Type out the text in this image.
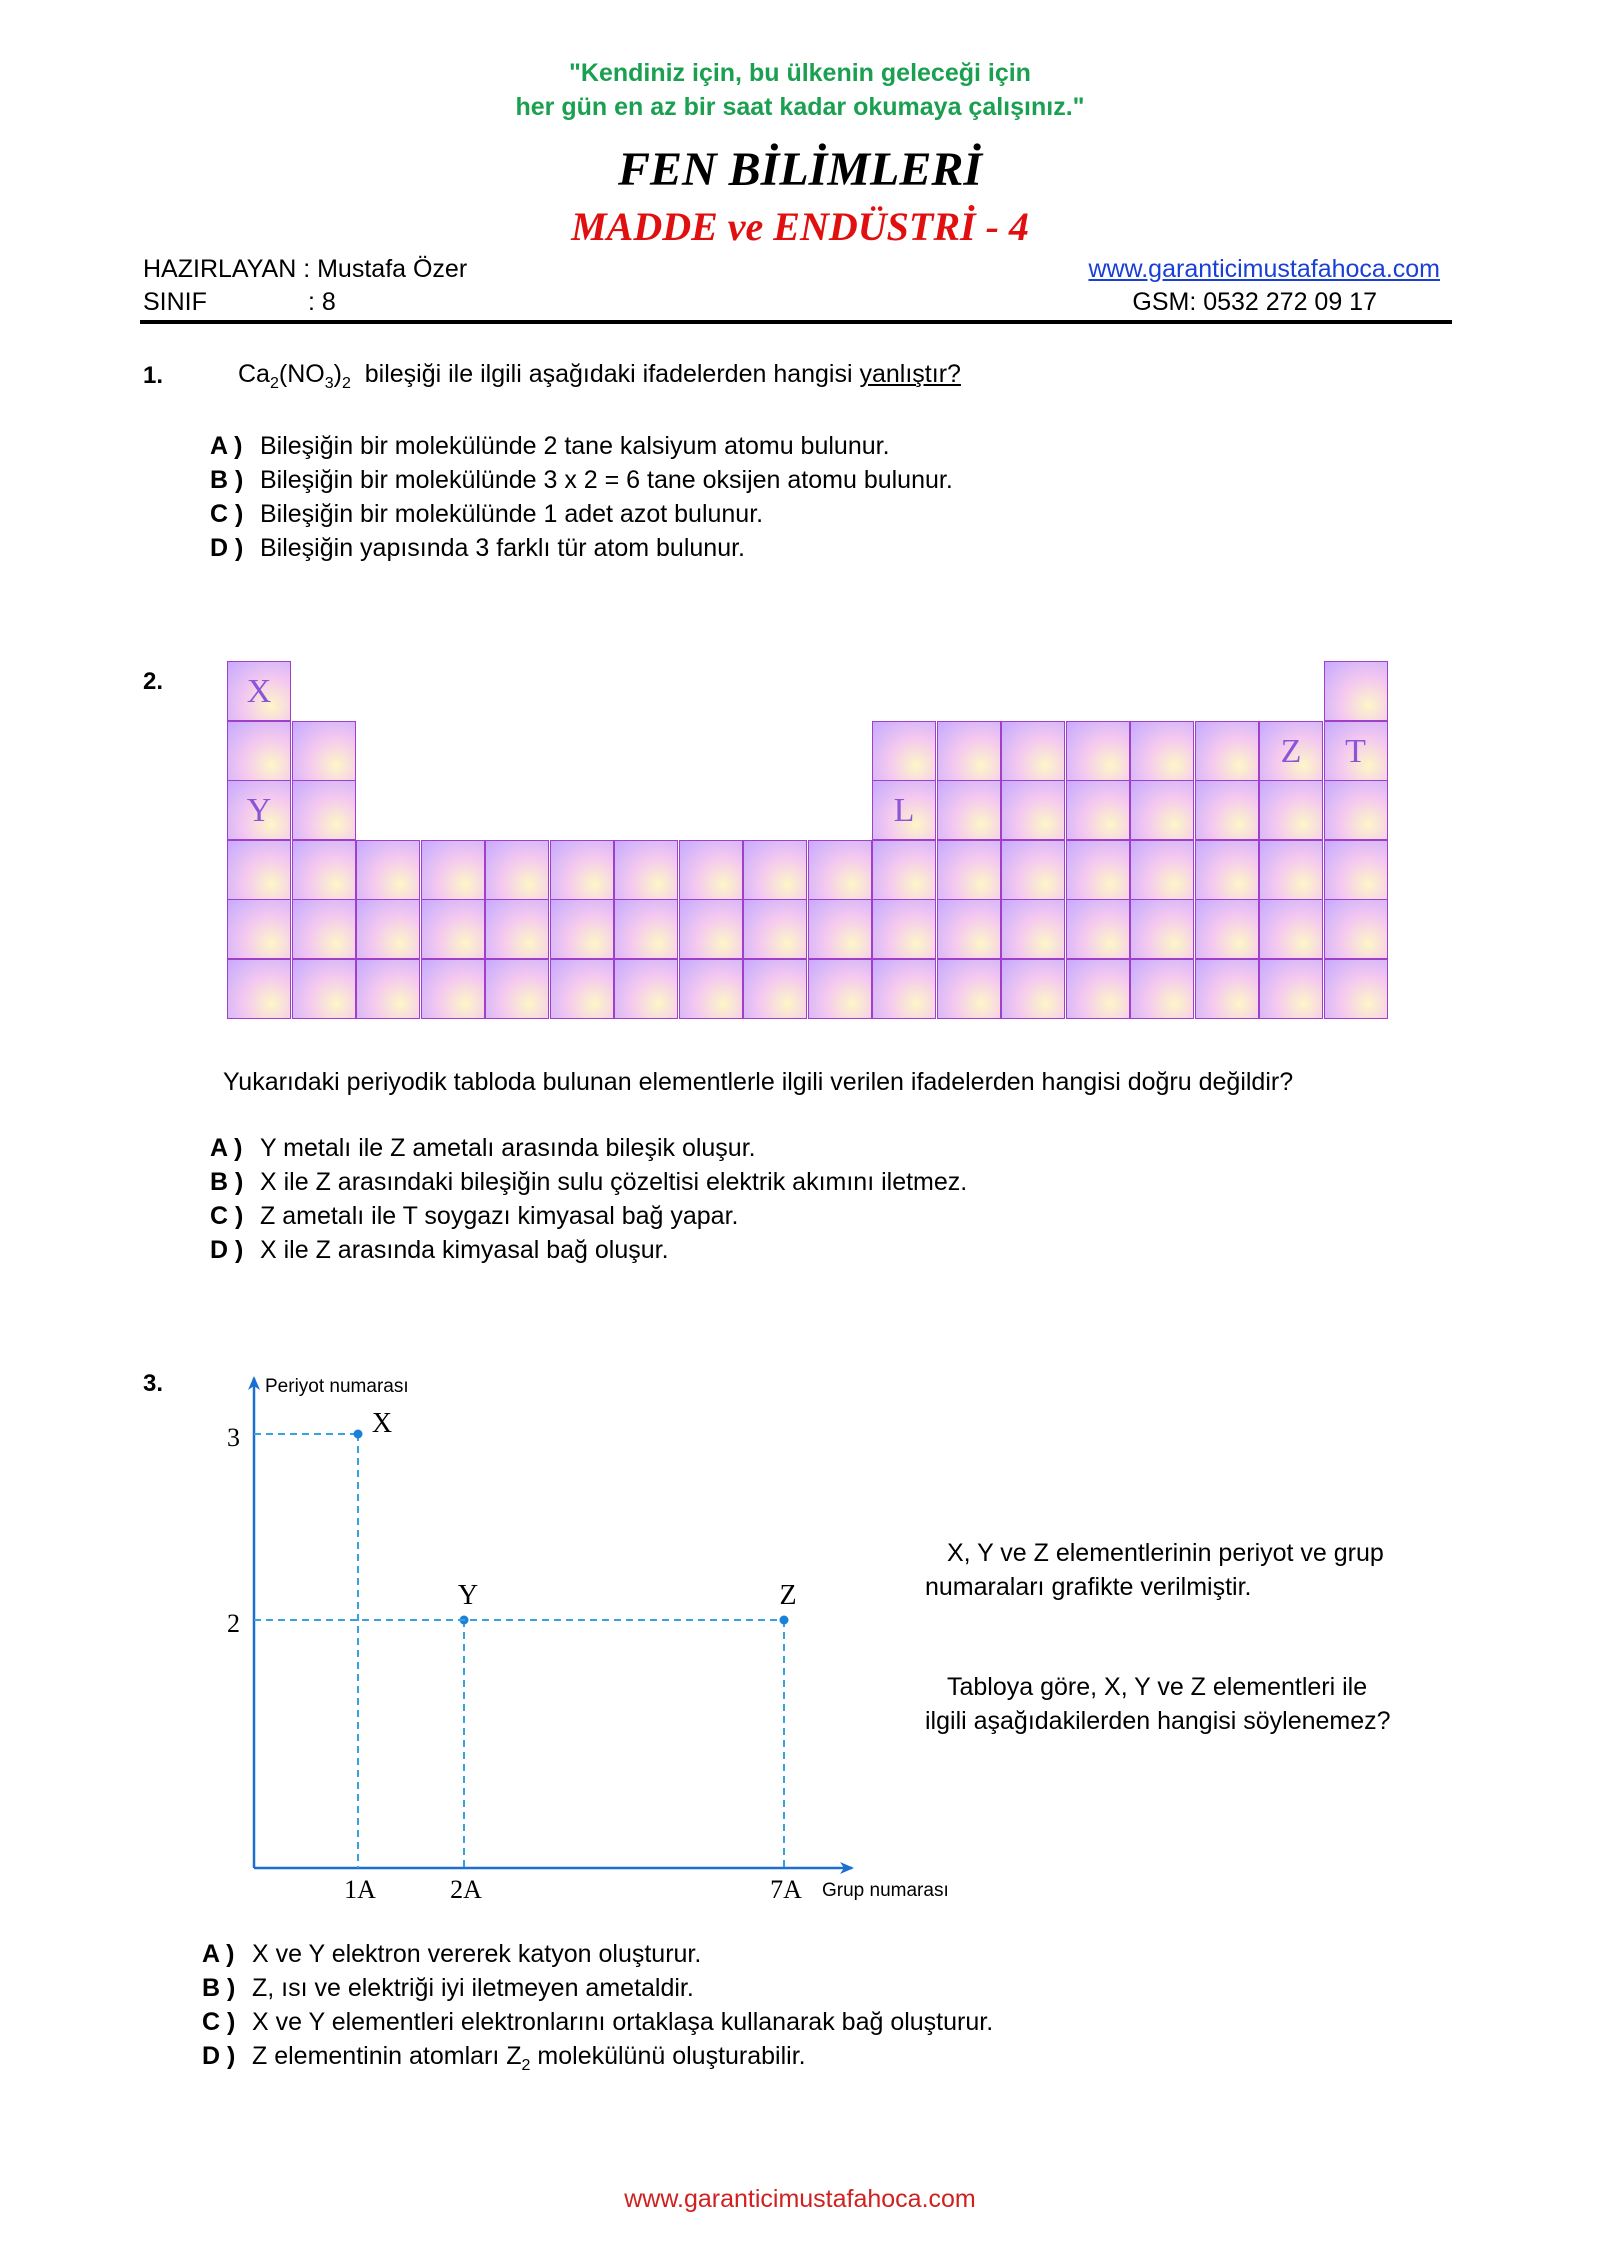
"Kendiniz için, bu ülkenin geleceği için
her gün en az bir saat kadar okumaya çalışınız."
FEN BİLİMLERİ
MADDE ve ENDÜSTRİ - 4
HAZIRLAYAN : Mustafa Özer
SINIF	: 8
www.garanticimustafahoca.com
GSM: 0532 272 09 17
1.	$Ca_2(NO_3)_2$ bileşiği ile ilgili aşağıdaki ifadelerden hangisi yanlıştır?
A ) Bileşiğin bir molekülünde 2 tane kalsiyum atomu bulunur.
B ) Bileşiğin bir molekülünde 3 x 2 = 6 tane oksijen atomu bulunur.
C ) Bileşiğin bir molekülünde 1 adet azot bulunur.
D ) Bileşiğin yapısında 3 farklı tür atom bulunur.
2.
Yukarıdaki periyodik tabloda bulunan elementlerle ilgili verilen ifadelerden hangisi doğru değildir?
A ) Y metalı ile Z ametalı arasında bileşik oluşur.
B ) X ile Z arasındaki bileşiğin sulu çözeltisi elektrik akımını iletmez.
C ) Z ametalı ile T soygazı kimyasal bağ yapar.
D ) X ile Z arasında kimyasal bağ oluşur.
3.	Periyot numarası
Grup numarası
3
2
1A	2A	7A
X
Y	Z
X, Y ve Z elementlerinin periyot ve grup
numaraları grafikte verilmiştir.
Tabloya göre, X, Y ve Z elementleri ile
ilgili aşağıdakilerden hangisi söylenemez?
A ) X ve Y elektron vererek katyon oluşturur.
B ) Z, ısı ve elektriği iyi iletmeyen ametaldir.
C ) X ve Y elementleri elektronlarını ortaklaşa kullanarak bağ oluşturur.
D ) Z elementinin atomları $Z_2$ molekülünü oluşturabilir.
www.garanticimustafahoca.com
X
Z	T
Y	L
